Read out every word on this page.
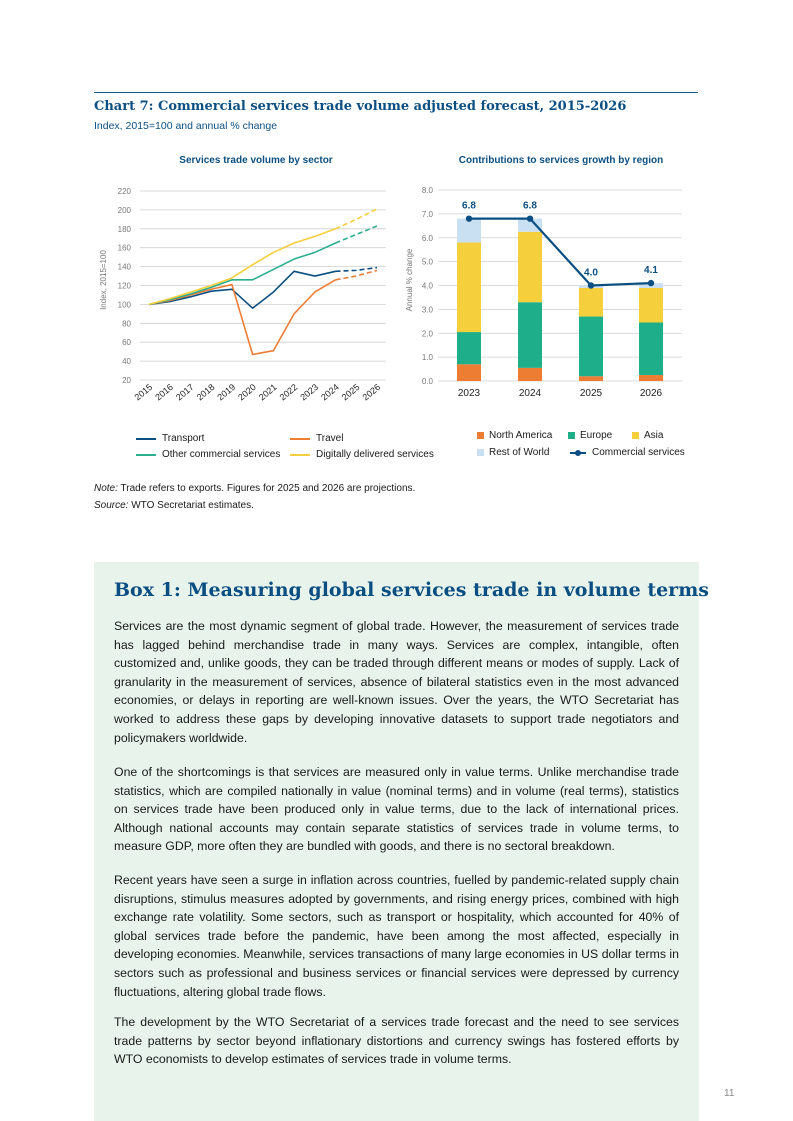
Chart 7: Commercial services trade volume adjusted forecast, 2015-2026
Index, 2015=100 and annual % change
Services trade volume by sector
20
40
60
80
100
120
140
160
180
200
220
2015
2016
2017
2018
2019
2020
2021
2022
2023
2024
2025
2026
Index, 2015=100
Contributions to services growth by region
0.0
1.0
2.0
3.0
4.0
5.0
6.0
7.0
8.0
Annual % change
2023	2024	2025	2026
6.8	6.8
4.0	4.1
Transport	Travel
Other commercial services	Digitally delivered services
North America	Europe	Asia
Rest of World	Commercial services
Note: Trade refers to exports. Figures for 2025 and 2026 are projections.
Source: WTO Secretariat estimates.
Box 1: Measuring global services trade in volume terms

Services are the most dynamic segment of global trade. However, the measurement of services trade has lagged behind merchandise trade in many ways. Services are complex, intangible, often customized and, unlike goods, they can be traded through different means or modes of supply. Lack of granularity in the measurement of services, absence of bilateral statistics even in the most advanced economies, or delays in reporting are well-known issues. Over the years, the WTO Secretariat has worked to address these gaps by developing innovative datasets to support trade negotiators and policymakers worldwide.

One of the shortcomings is that services are measured only in value terms. Unlike merchandise trade statistics, which are compiled nationally in value (nominal terms) and in volume (real terms), statistics on services trade have been produced only in value terms, due to the lack of international prices. Although national accounts may contain separate statistics of services trade in volume terms, to measure GDP, more often they are bundled with goods, and there is no sectoral breakdown.

Recent years have seen a surge in inflation across countries, fuelled by pandemic-related supply chain disruptions, stimulus measures adopted by governments, and rising energy prices, combined with high exchange rate volatility. Some sectors, such as transport or hospitality, which accounted for 40% of global services trade before the pandemic, have been among the most affected, especially in developing economies. Meanwhile, services transactions of many large economies in US dollar terms in sectors such as professional and business services or financial services were depressed by currency fluctuations, altering global trade flows.

The development by the WTO Secretariat of a services trade forecast and the need to see services trade patterns by sector beyond inflationary distortions and currency swings has fostered efforts by WTO economists to develop estimates of services trade in volume terms.

11
